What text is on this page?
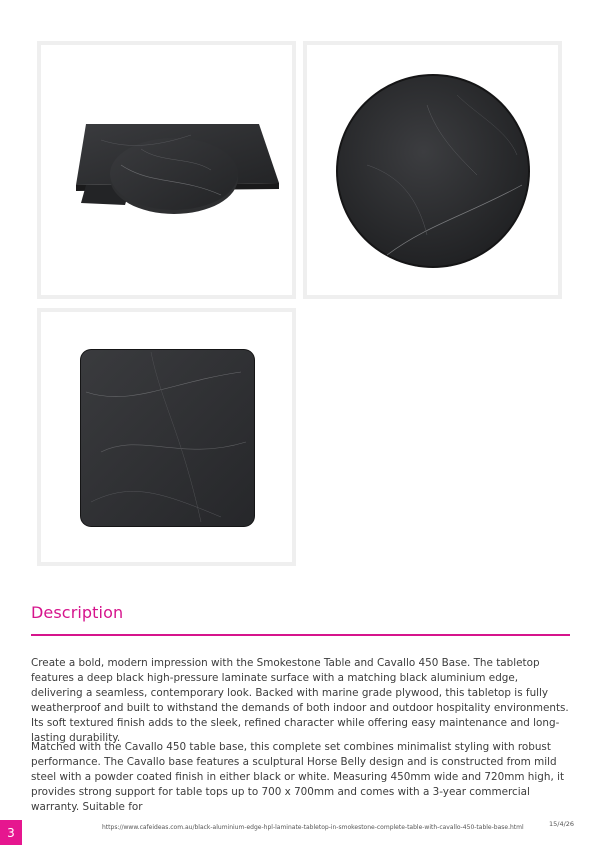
Description

Create a bold, modern impression with the Smokestone Table and Cavallo 450 Base. The tabletop features a deep black high-pressure laminate surface with a matching black aluminium edge, delivering a seamless, contemporary look. Backed with marine grade plywood, this tabletop is fully weatherproof and built to withstand the demands of both indoor and outdoor hospitality environments. Its soft textured finish adds to the sleek, refined character while offering easy maintenance and long-lasting durability.

Matched with the Cavallo 450 table base, this complete set combines minimalist styling with robust performance. The Cavallo base features a sculptural Horse Belly design and is constructed from mild steel with a powder coated finish in either black or white. Measuring 450mm wide and 720mm high, it provides strong support for table tops up to 700 x 700mm and comes with a 3-year commercial warranty. Suitable for

3	https://www.cafeideas.com.au/black-aluminium-edge-hpl-laminate-tabletop-in-smokestone-complete-table-with-cavallo-450-table-base.html	15/4/26
